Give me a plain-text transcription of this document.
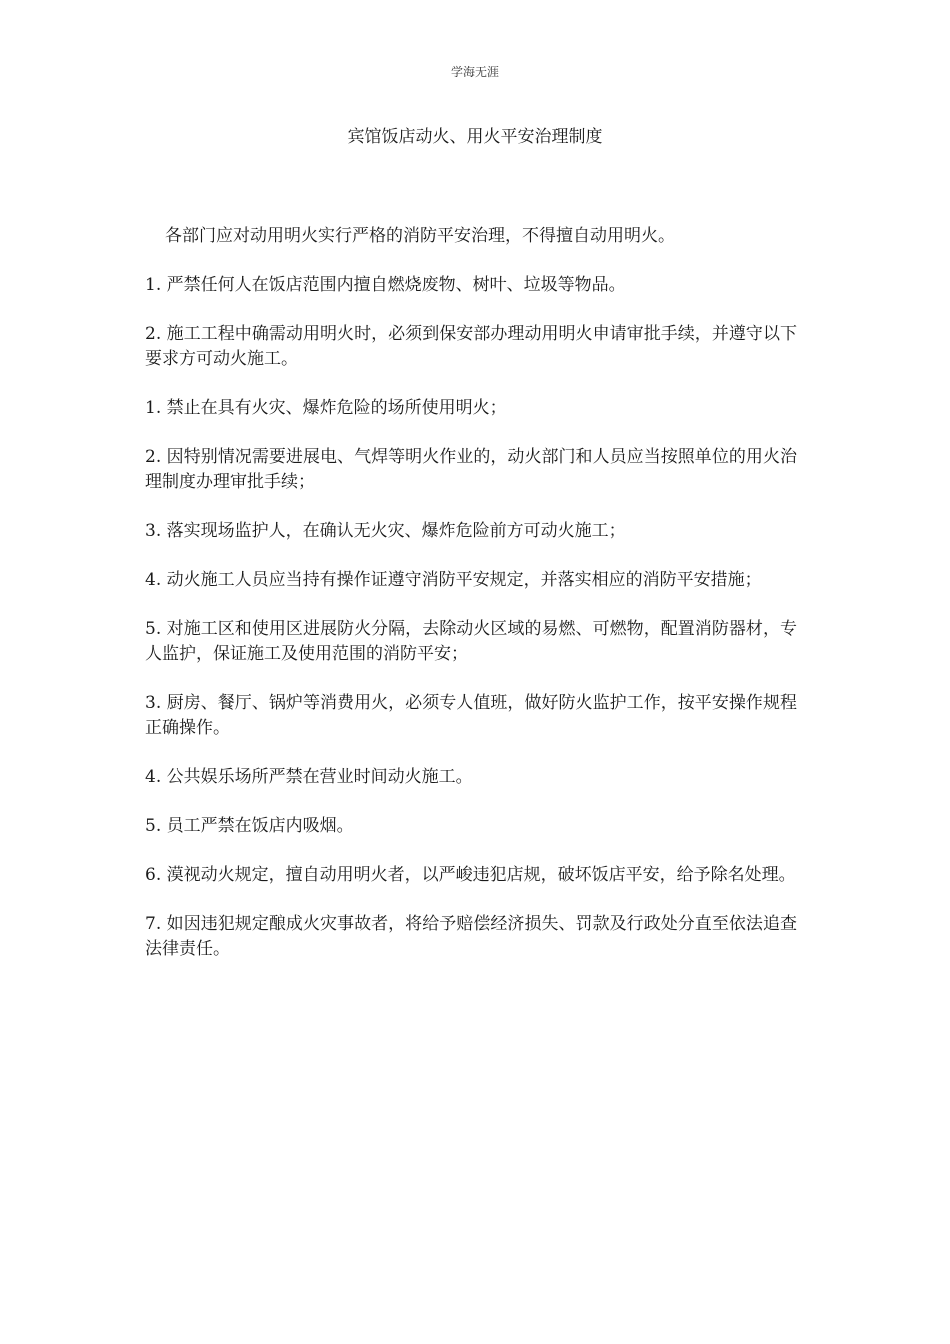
学海无涯
宾馆饭店动火、用火平安治理制度

各部门应对动用明火实行严格的消防平安治理，不得擅自动用明火。

1. 严禁任何人在饭店范围内擅自燃烧废物、树叶、垃圾等物品。

2. 施工工程中确需动用明火时，必须到保安部办理动用明火申请审批手续，并遵守以下要求方可动火施工。

1. 禁止在具有火灾、爆炸危险的场所使用明火；

2. 因特别情况需要进展电、气焊等明火作业的，动火部门和人员应当按照单位的用火治理制度办理审批手续；

3. 落实现场监护人，在确认无火灾、爆炸危险前方可动火施工；

4. 动火施工人员应当持有操作证遵守消防平安规定，并落实相应的消防平安措施；

5. 对施工区和使用区进展防火分隔，去除动火区域的易燃、可燃物，配置消防器材，专人监护，保证施工及使用范围的消防平安；

3. 厨房、餐厅、锅炉等消费用火，必须专人值班，做好防火监护工作，按平安操作规程正确操作。

4. 公共娱乐场所严禁在营业时间动火施工。

5. 员工严禁在饭店内吸烟。

6. 漠视动火规定，擅自动用明火者，以严峻违犯店规，破坏饭店平安，给予除名处理。

7. 如因违犯规定酿成火灾事故者，将给予赔偿经济损失、罚款及行政处分直至依法追查法律责任。
